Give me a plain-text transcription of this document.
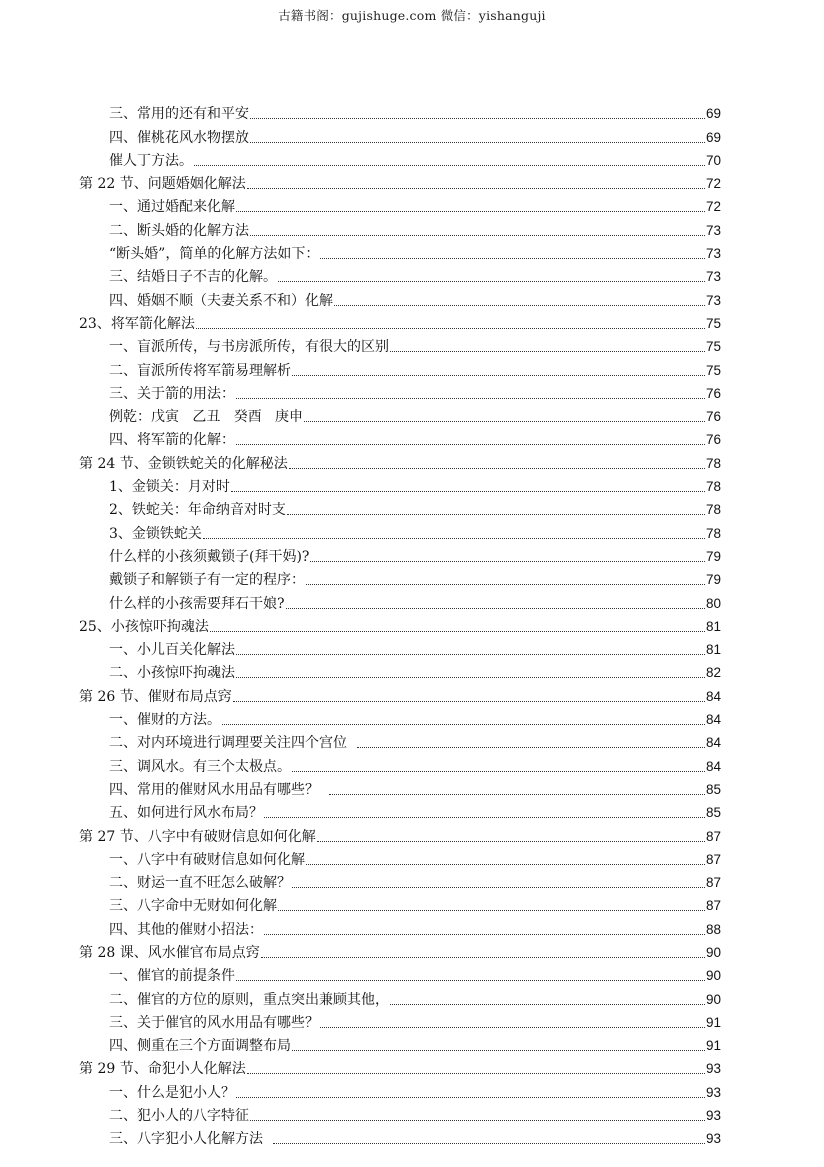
古籍书阁：gujishuge.com 微信：yishanguji
三、常用的还有和平安	69
四、催桃花风水物摆放	69
催人丁方法。	70
第 22 节、问题婚姻化解法	72
一、通过婚配来化解	72
二、断头婚的化解方法	73
“断头婚”，简单的化解方法如下：	73
三、结婚日子不吉的化解。	73
四、婚姻不顺（夫妻关系不和）化解	73
23、将军箭化解法	75
一、盲派所传，与书房派所传，有很大的区别	75
二、盲派所传将军箭易理解析	75
三、关于箭的用法：	76
例乾：戊寅   乙丑   癸酉   庚申	76
四、将军箭的化解：	76
第 24 节、金锁铁蛇关的化解秘法	78
1、金锁关：月对时	78
2、铁蛇关：年命纳音对时支	78
3、金锁铁蛇关	78
什么样的小孩须戴锁子(拜干妈)?	79
戴锁子和解锁子有一定的程序：	79
什么样的小孩需要拜石干娘?	80
25、小孩惊吓拘魂法	81
一、小儿百关化解法	81
二、小孩惊吓拘魂法	82
第 26 节、催财布局点窍	84
一、催财的方法。	84
二、对内环境进行调理要关注四个宫位	84
三、调风水。有三个太极点。	84
四、常用的催财风水用品有哪些？	85
五、如何进行风水布局？	85
第 27 节、八字中有破财信息如何化解	87
一、八字中有破财信息如何化解	87
二、财运一直不旺怎么破解？	87
三、八字命中无财如何化解	87
四、其他的催财小招法：	88
第 28 课、风水催官布局点窍	90
一、催官的前提条件	90
二、催官的方位的原则，重点突出兼顾其他，	90
三、关于催官的风水用品有哪些？	91
四、侧重在三个方面调整布局	91
第 29 节、命犯小人化解法	93
一、什么是犯小人？	93
二、犯小人的八字特征	93
三、八字犯小人化解方法	93
